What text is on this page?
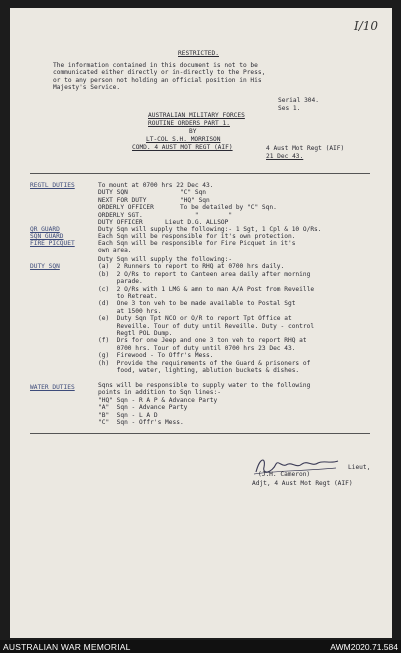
I/10

RESTRICTED.

The information contained in this document is not to be
communicated either directly or in-directly to the Press,
or to any person not holding an official position in His
Majesty's Service.

Serial 304.

Ses 1.

AUSTRALIAN MILITARY FORCES

ROUTINE ORDERS PART 1.

BY

LT-COL S.H. MORRISON

COMD. 4 AUST MOT REGT (AIF)	4 Aust Mot Regt (AIF)

21 Dec 43.

REGTL DUTIES	To mount at 0700 hrs 22 Dec 43.
DUTY SQN              "C" Sqn
NEXT FOR DUTY         "HQ" Sqn
ORDERLY OFFICER       To be detailed by "C" Sqn.
ORDERLY SGT.              "        "
DUTY OFFICER      Lieut D.G. ALLSOP

QR GUARD	Duty Sqn will supply the following:- 1 Sgt, 1 Cpl & 10 O/Rs.

SQN GUARD	Each Sqn will be responsible for it's own protection.

FIRE PICQUET	Each Sqn will be responsible for Fire Picquet in it's
own area.

DUTY SQN

Duty Sqn will supply the following:-
(a)  2 Runners to report to RHQ at 0700 hrs daily.
(b)  2 O/Rs to report to Canteen area daily after morning
parade.
(c)  2 O/Rs with 1 LMG & amn to man A/A Post from Reveille
to Retreat.
(d)  One 3 ton veh to be made available to Postal Sgt
at 1500 hrs.
(e)  Duty Sqn Tpt NCO or O/R to report Tpt Office at
Reveille. Tour of duty until Reveille. Duty - control
Regtl POL Dump.
(f)  Drs for one Jeep and one 3 ton veh to report RHQ at
0700 hrs. Tour of duty until 0700 hrs 23 Dec 43.
(g)  Firewood - To Offr's Mess.
(h)  Provide the requirements of the Guard & prisoners of
food, water, lighting, ablution buckets & dishes.

WATER DUTIES	Sqns will be responsible to supply water to the following
points in addition to Sqn lines:-
"HQ" Sqn - R A P & Advance Party
"A"  Sqn - Advance Party
"B"  Sqn - L A D
"C"  Sqn - Offr's Mess.

(J.H. Cameron)

Lieut,

Adjt, 4 Aust Mot Regt (AIF)

AUSTRALIAN WAR MEMORIAL	AWM2020.71.584
